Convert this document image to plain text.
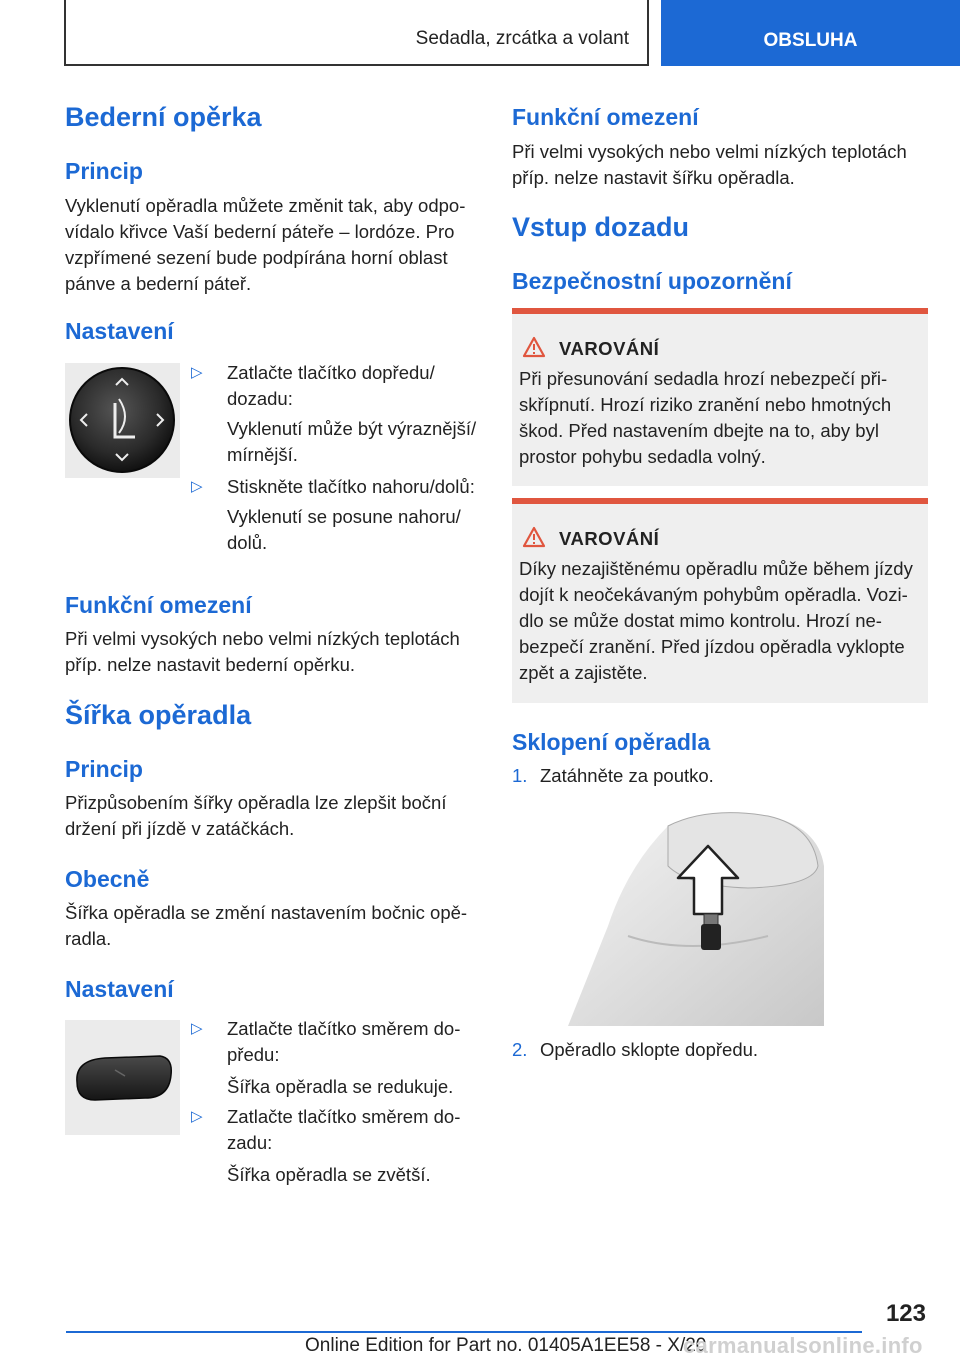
Sedadla, zrcátka a volant	OBSLUHA
Bederní opěrka
Princip
Vyklenutí opěradla můžete změnit tak, aby odpo-
vídalo křivce Vaší bederní páteře – lordóze. Pro
vzpřímené sezení bude podpírána horní oblast
pánve a bederní páteř.
Nastavení
▷ Zatlačte tlačítko dopředu/
dozadu:
Vyklenutí může být výraznější/
mírnější.
▷ Stiskněte tlačítko nahoru/dolů:
Vyklenutí se posune nahoru/
dolů.
Funkční omezení
Při velmi vysokých nebo velmi nízkých teplotách
příp. nelze nastavit bederní opěrku.
Šířka opěradla
Princip
Přizpůsobením šířky opěradla lze zlepšit boční
držení při jízdě v zatáčkách.
Obecně
Šířka opěradla se změní nastavením bočnic opě-
radla.
Nastavení
▷ Zatlačte tlačítko směrem do-
předu:
Šířka opěradla se redukuje.
▷ Zatlačte tlačítko směrem do-
zadu:
Šířka opěradla se zvětší.
Funkční omezení
Při velmi vysokých nebo velmi nízkých teplotách
příp. nelze nastavit šířku opěradla.
Vstup dozadu
Bezpečnostní upozornění
VAROVÁNÍ
Při přesunování sedadla hrozí nebezpečí při-
skřípnutí. Hrozí riziko zranění nebo hmotných
škod. Před nastavením dbejte na to, aby byl
prostor pohybu sedadla volný.
VAROVÁNÍ
Díky nezajištěnému opěradlu může během jízdy
dojít k neočekávaným pohybům opěradla. Vozi-
dlo se může dostat mimo kontrolu. Hrozí ne-
bezpečí zranění. Před jízdou opěradla vyklopte
zpět a zajistěte.
Sklopení opěradla
1. Zatáhněte za poutko.
2. Opěradlo sklopte dopředu.
123
Online Edition for Part no. 01405A1EE58 - X/20
carmanualsonline.info
